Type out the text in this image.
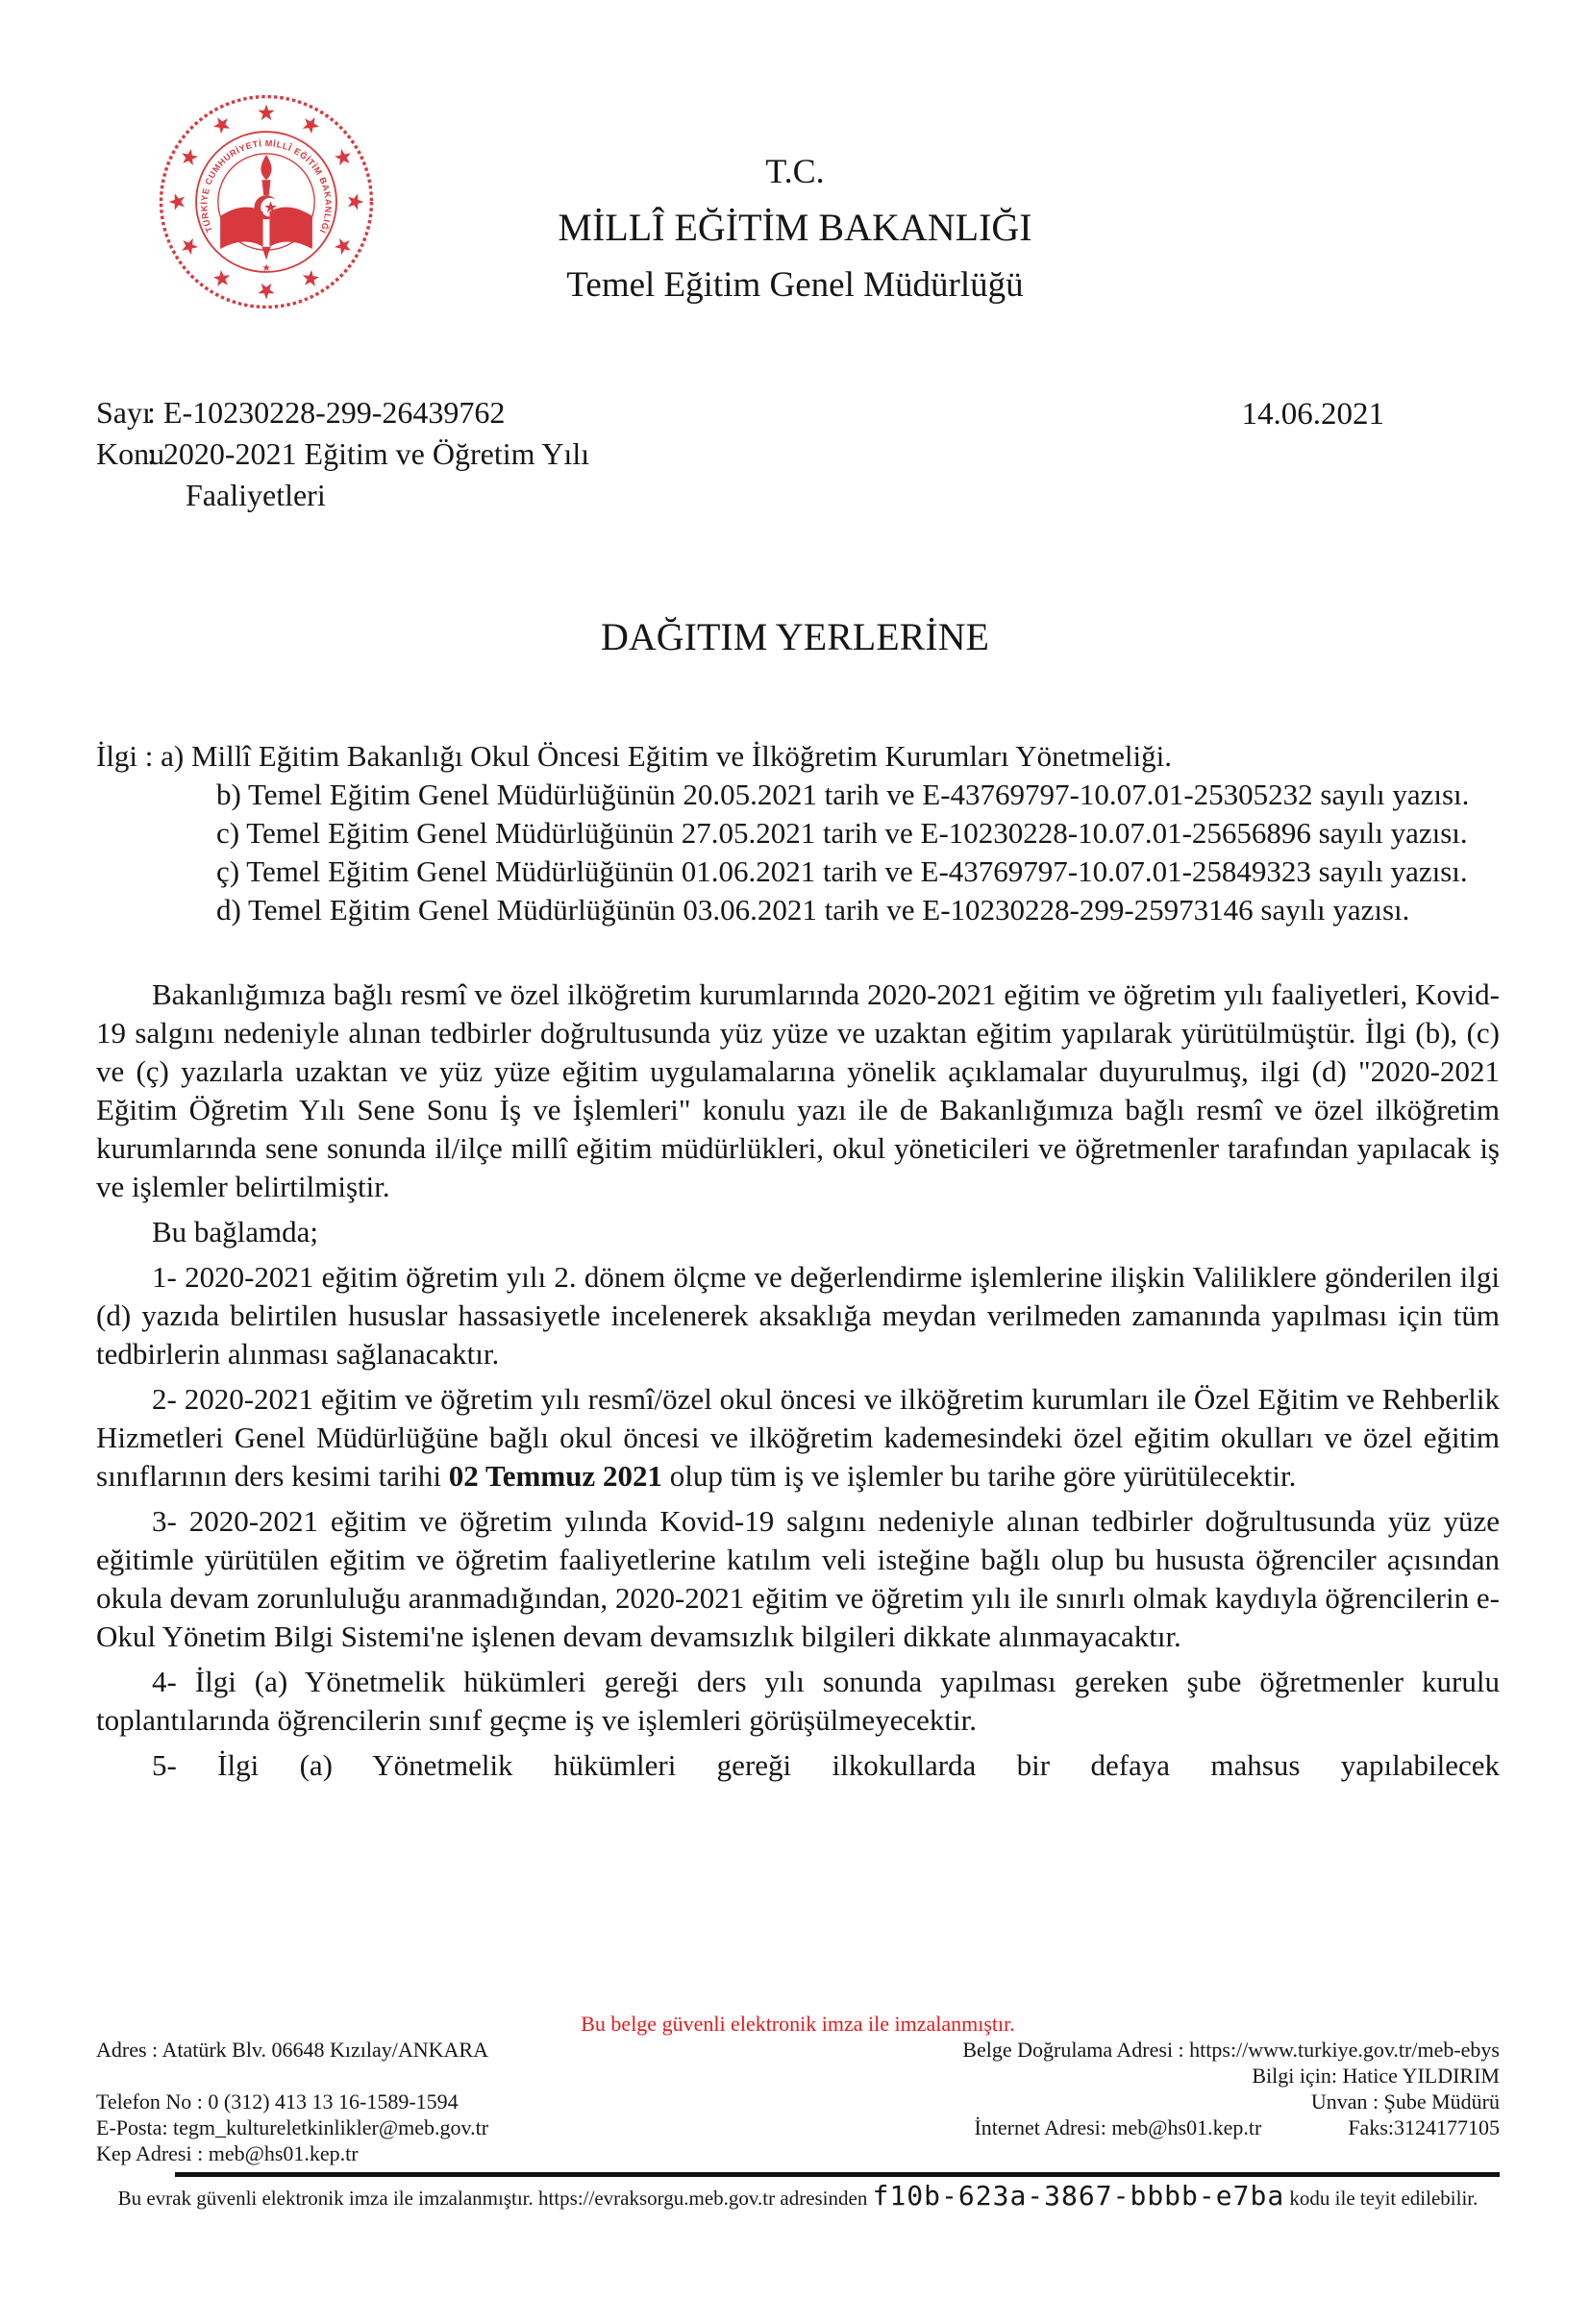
TÜRKİYE CUMHURİYETİ MİLLÎ EĞİTİM BAKANLIĞI
★
T.C.
MİLLÎ EĞİTİM BAKANLIĞI
Temel Eğitim Genel Müdürlüğü
Sayı: E-10230228-299-26439762
Konu: 2020-2021 Eğitim ve Öğretim Yılı
Faaliyetleri
14.06.2021
DAĞITIM YERLERİNE
İlgi : a) Millî Eğitim Bakanlığı Okul Öncesi Eğitim ve İlköğretim Kurumları Yönetmeliği.
b) Temel Eğitim Genel Müdürlüğünün 20.05.2021 tarih ve E-43769797-10.07.01-25305232 sayılı yazısı.
c) Temel Eğitim Genel Müdürlüğünün 27.05.2021 tarih ve E-10230228-10.07.01-25656896 sayılı yazısı.
ç) Temel Eğitim Genel Müdürlüğünün 01.06.2021 tarih ve E-43769797-10.07.01-25849323 sayılı yazısı.
d) Temel Eğitim Genel Müdürlüğünün 03.06.2021 tarih ve E-10230228-299-25973146 sayılı yazısı.

Bakanlığımıza bağlı resmî ve özel ilköğretim kurumlarında 2020-2021 eğitim ve öğretim yılı faaliyetleri, Kovid-19 salgını nedeniyle alınan tedbirler doğrultusunda yüz yüze ve uzaktan eğitim yapılarak yürütülmüştür. İlgi (b), (c) ve (ç) yazılarla uzaktan ve yüz yüze eğitim uygulamalarına yönelik açıklamalar duyurulmuş, ilgi (d) "2020-2021 Eğitim Öğretim Yılı Sene Sonu İş ve İşlemleri" konulu yazı ile de Bakanlığımıza bağlı resmî ve özel ilköğretim kurumlarında sene sonunda il/ilçe millî eğitim müdürlükleri, okul yöneticileri ve öğretmenler tarafından yapılacak iş ve işlemler belirtilmiştir.

Bu bağlamda;

1- 2020-2021 eğitim öğretim yılı 2. dönem ölçme ve değerlendirme işlemlerine ilişkin Valiliklere gönderilen ilgi (d) yazıda belirtilen hususlar hassasiyetle incelenerek aksaklığa meydan verilmeden zamanında yapılması için tüm tedbirlerin alınması sağlanacaktır.

2- 2020-2021 eğitim ve öğretim yılı resmî/özel okul öncesi ve ilköğretim kurumları ile Özel Eğitim ve Rehberlik Hizmetleri Genel Müdürlüğüne bağlı okul öncesi ve ilköğretim kademesindeki özel eğitim okulları ve özel eğitim sınıflarının ders kesimi tarihi 02 Temmuz 2021 olup tüm iş ve işlemler bu tarihe göre yürütülecektir.

3- 2020-2021 eğitim ve öğretim yılında Kovid-19 salgını nedeniyle alınan tedbirler doğrultusunda yüz yüze eğitimle yürütülen eğitim ve öğretim faaliyetlerine katılım veli isteğine bağlı olup bu hususta öğrenciler açısından okula devam zorunluluğu aranmadığından, 2020-2021 eğitim ve öğretim yılı ile sınırlı olmak kaydıyla öğrencilerin e-Okul Yönetim Bilgi Sistemi'ne işlenen devam devamsızlık bilgileri dikkate alınmayacaktır.

4- İlgi (a) Yönetmelik hükümleri gereği ders yılı sonunda yapılması gereken şube öğretmenler kurulu toplantılarında öğrencilerin sınıf geçme iş ve işlemleri görüşülmeyecektir.

5- İlgi (a) Yönetmelik hükümleri gereği ilkokullarda bir defaya mahsus yapılabilecek

Bu belge güvenli elektronik imza ile imzalanmıştır.
Adres : Atatürk Blv. 06648 Kızılay/ANKARA	Belge Doğrulama Adresi : https://www.turkiye.gov.tr/meb-ebys
Bilgi için: Hatice YILDIRIM
Telefon No : 0 (312) 413 13 16-1589-1594	Unvan : Şube Müdürü
E-Posta: tegm_kultureletkinlikler@meb.gov.tr	İnternet Adresi: meb@hs01.kep.tr	Faks:3124177105
Kep Adresi : meb@hs01.kep.tr
Bu evrak güvenli elektronik imza ile imzalanmıştır. https://evraksorgu.meb.gov.tr adresinden f10b-623a-3867-bbbb-e7ba kodu ile teyit edilebilir.
